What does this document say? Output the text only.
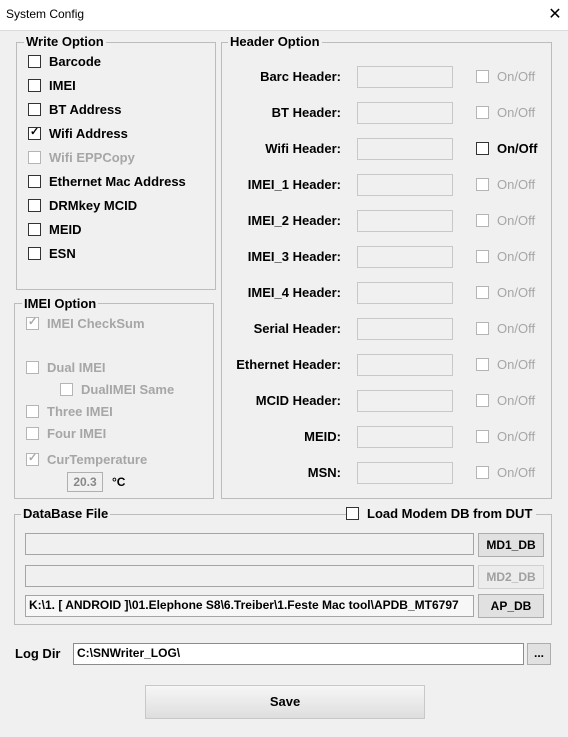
System Config	✕
Write Option
Barcode
IMEI
BT Address
✓ Wifi Address
Wifi EPPCopy
Ethernet Mac Address
DRMkey MCID
MEID
ESN
IMEI Option
✓ IMEI CheckSum
Dual IMEI
DualIMEI Same
Three IMEI
Four IMEI
✓ CurTemperature
20.3	°C
Header Option
Barc Header:	On/Off
BT Header:	On/Off
Wifi Header:	On/Off
IMEI_1 Header:	On/Off
IMEI_2 Header:	On/Off
IMEI_3 Header:	On/Off
IMEI_4 Header:	On/Off
Serial Header:	On/Off
Ethernet Header:	On/Off
MCID Header:	On/Off
MEID:	On/Off
MSN:	On/Off
DataBase File	Load Modem DB from DUT
MD1_DB
MD2_DB
K:\1. [ ANDROID ]\01.Elephone S8\6.Treiber\1.Feste Mac tool\APDB_MT6797	AP_DB
Log Dir	C:\SNWriter_LOG\	...
Save
